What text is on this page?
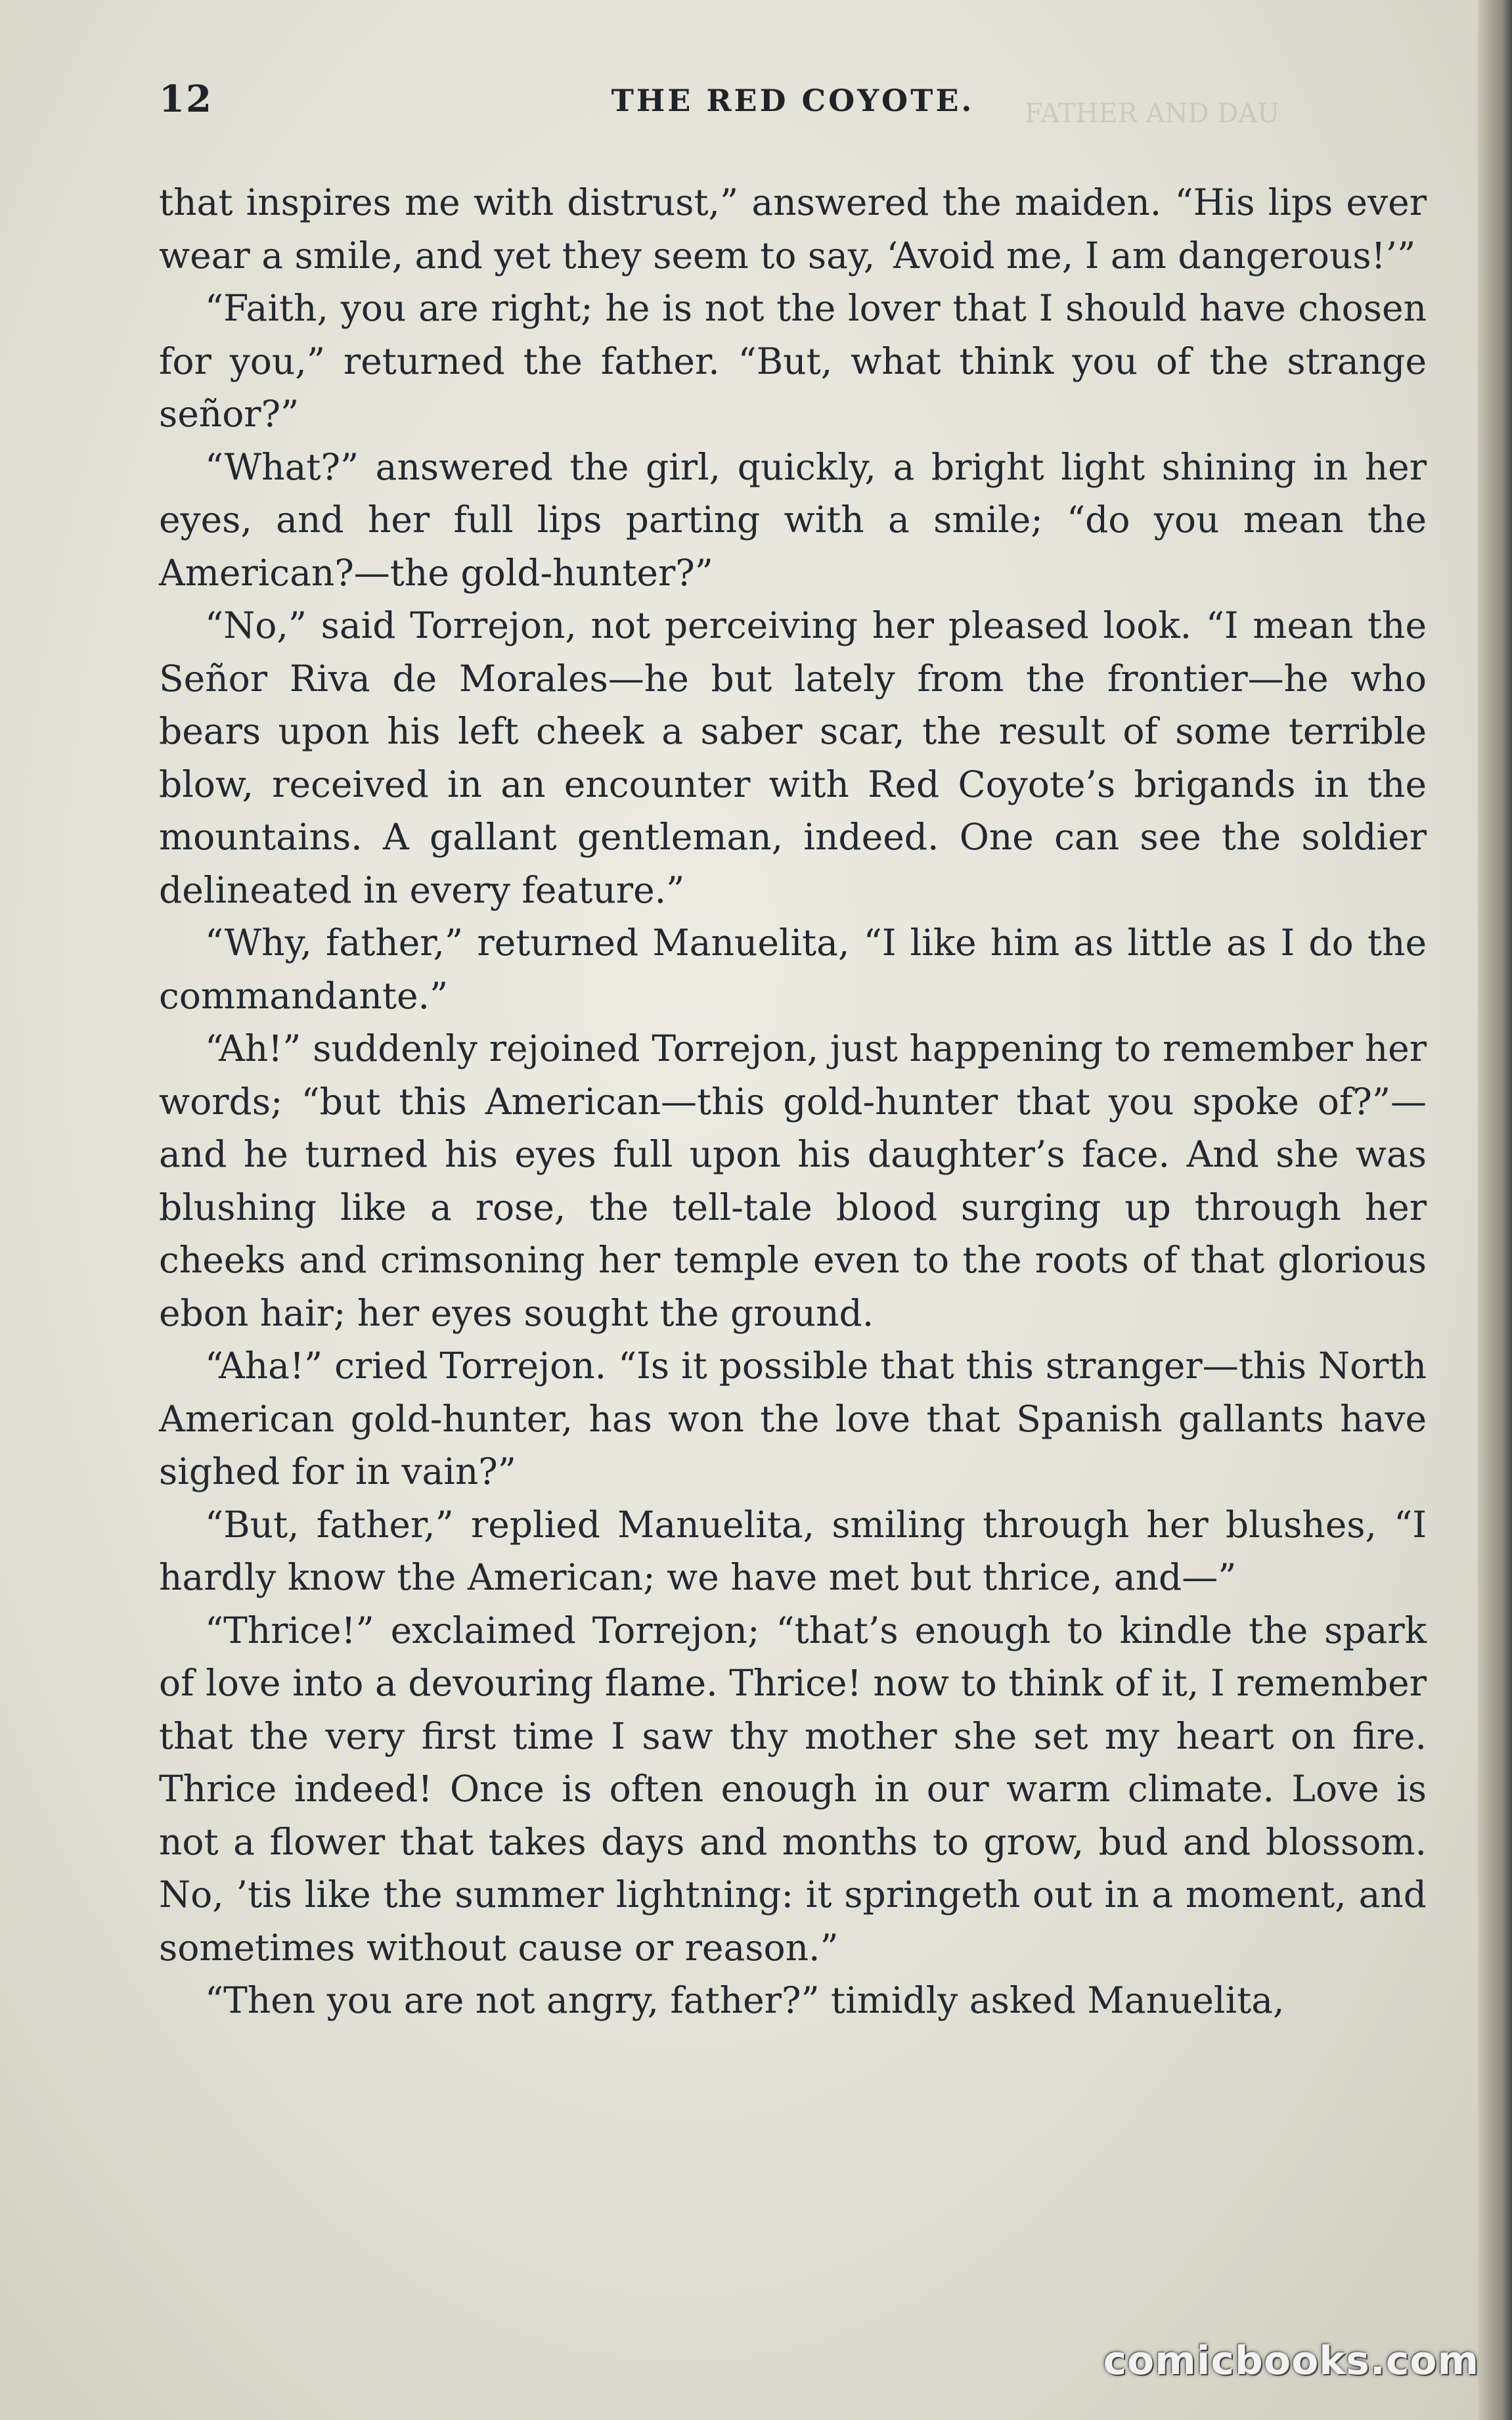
FATHER AND DAU
12	THE RED COYOTE.

that inspires me with distrust,” answered the maiden. “His lips ever wear a smile, and yet they seem to say, ‘Avoid me, I am dangerous!’”

“Faith, you are right; he is not the lover that I should have chosen for you,” returned the father. “But, what think you of the strange señor?”

“What?” answered the girl, quickly, a bright light shining in her eyes, and her full lips parting with a smile; “do you mean the American?—the gold-hunter?”

“No,” said Torrejon, not perceiving her pleased look. “I mean the Señor Riva de Morales—he but lately from the frontier—he who bears upon his left cheek a saber scar, the result of some terrible blow, received in an encounter with Red Coyote’s brigands in the mountains. A gallant gentleman, indeed. One can see the soldier delineated in every feature.”

“Why, father,” returned Manuelita, “I like him as little as I do the commandante.”

“Ah!” suddenly rejoined Torrejon, just happening to remember her words; “but this American—this gold-hunter that you spoke of?”—and he turned his eyes full upon his daughter’s face. And she was blushing like a rose, the tell-tale blood surging up through her cheeks and crimsoning her temple even to the roots of that glorious ebon hair; her eyes sought the ground.

“Aha!” cried Torrejon. “Is it possible that this stranger—this North American gold-hunter, has won the love that Spanish gallants have sighed for in vain?”

“But, father,” replied Manuelita, smiling through her blushes, “I hardly know the American; we have met but thrice, and—”

“Thrice!” exclaimed Torrejon; “that’s enough to kindle the spark of love into a devouring flame. Thrice! now to think of it, I remember that the very first time I saw thy mother she set my heart on fire. Thrice indeed! Once is often enough in our warm climate. Love is not a flower that takes days and months to grow, bud and blossom. No, ’tis like the summer lightning: it springeth out in a moment, and sometimes without cause or reason.”

“Then you are not angry, father?” timidly asked Manuelita,

comicbooks.com
